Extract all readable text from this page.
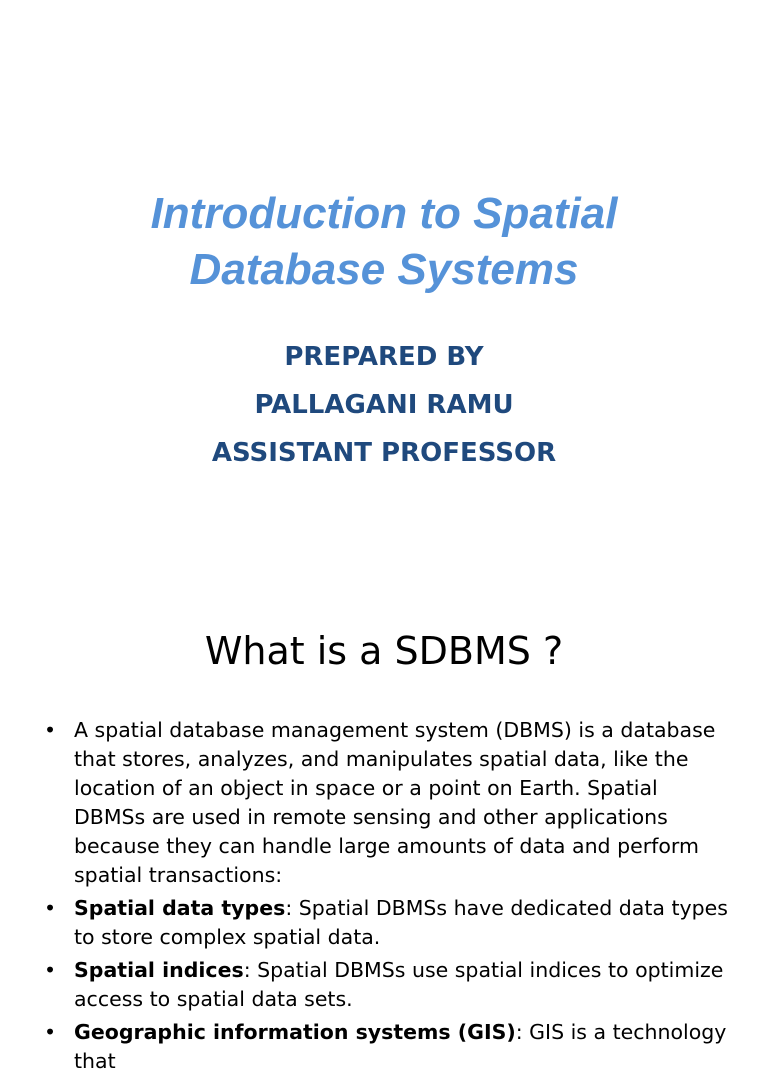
Introduction to Spatial
Database Systems
PREPARED BY
PALLAGANI RAMU
ASSISTANT PROFESSOR
What is a SDBMS ?
• A spatial database management system (DBMS) is a database that stores, analyzes, and manipulates spatial data, like the location of an object in space or a point on Earth. Spatial DBMSs are used in remote sensing and other applications because they can handle large amounts of data and perform spatial transactions:
• Spatial data types: Spatial DBMSs have dedicated data types to store complex spatial data.
• Spatial indices: Spatial DBMSs use spatial indices to optimize access to spatial data sets.
• Geographic information systems (GIS): GIS is a technology that
